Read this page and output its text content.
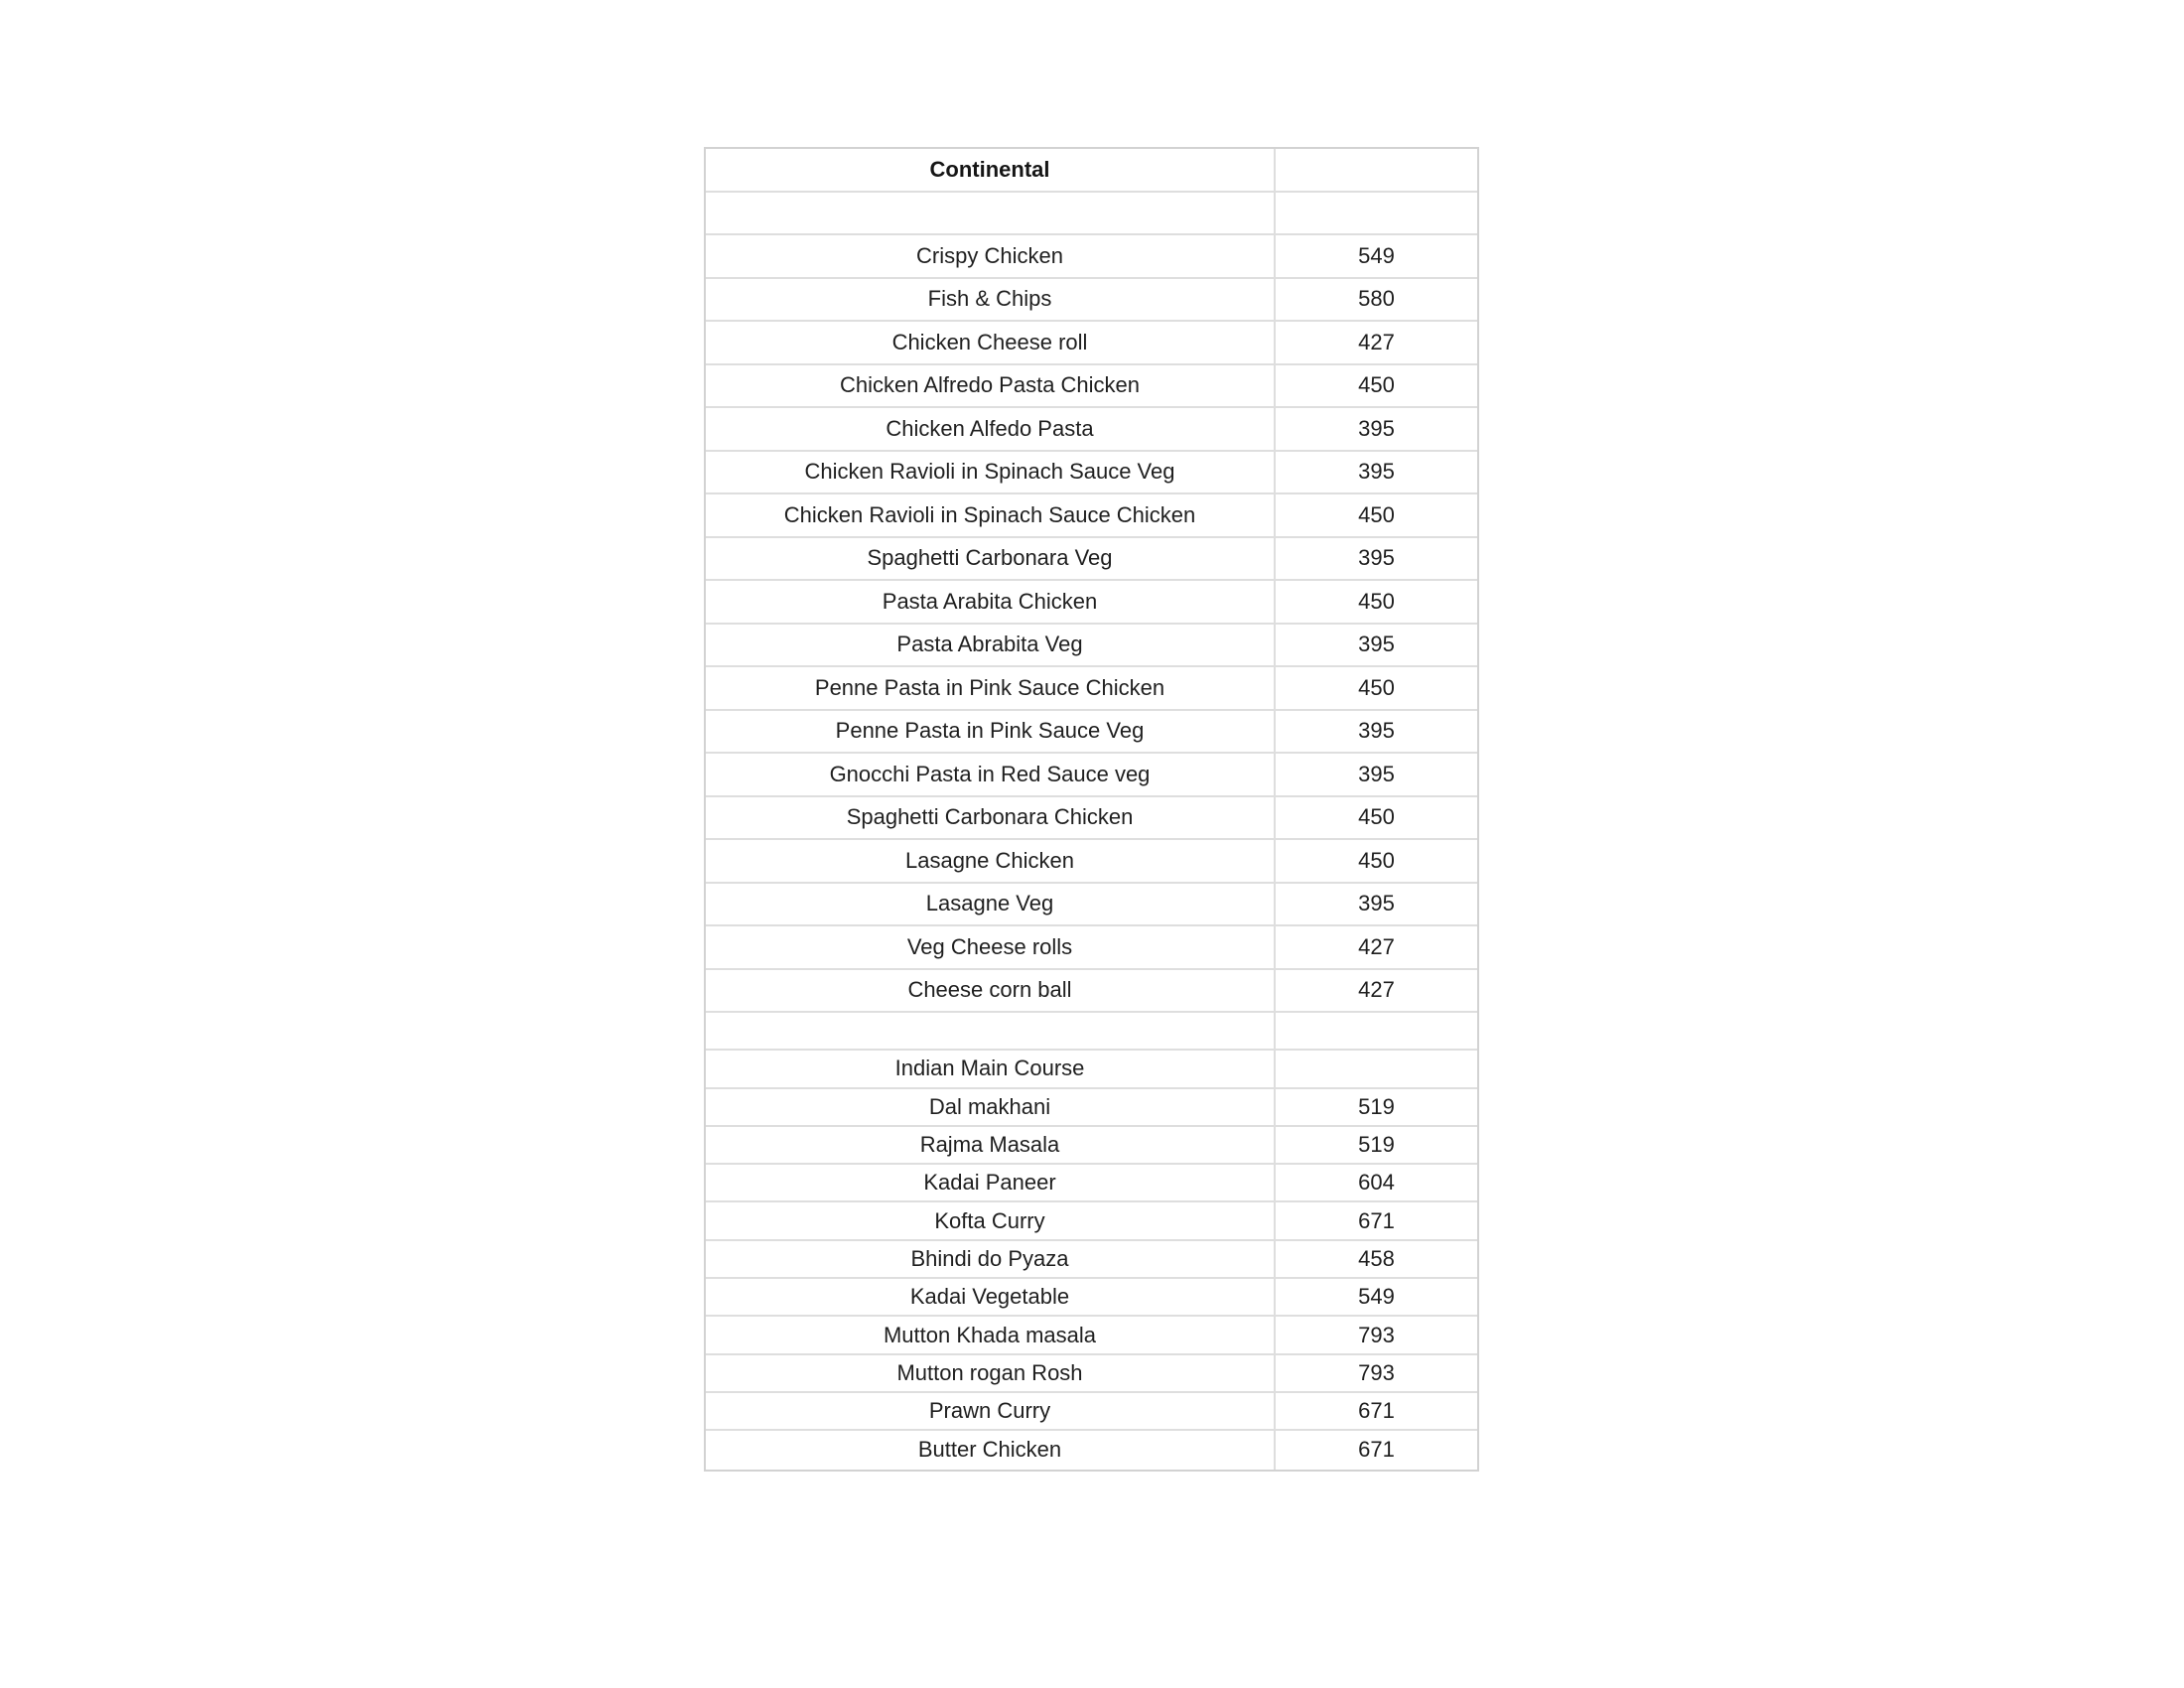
Continental
Crispy Chicken	549
Fish & Chips	580
Chicken Cheese roll	427
Chicken Alfredo Pasta Chicken	450
Chicken Alfedo Pasta	395
Chicken Ravioli in Spinach Sauce Veg	395
Chicken Ravioli in Spinach Sauce Chicken	450
Spaghetti Carbonara Veg	395
Pasta Arabita Chicken	450
Pasta Abrabita Veg	395
Penne Pasta in Pink Sauce Chicken	450
Penne Pasta in Pink Sauce Veg	395
Gnocchi Pasta in Red Sauce veg	395
Spaghetti Carbonara Chicken	450
Lasagne Chicken	450
Lasagne Veg	395
Veg Cheese rolls	427
Cheese corn ball	427
Indian Main Course
Dal makhani	519
Rajma Masala	519
Kadai Paneer	604
Kofta Curry	671
Bhindi do Pyaza	458
Kadai Vegetable	549
Mutton Khada masala	793
Mutton rogan Rosh	793
Prawn Curry	671
Butter Chicken	671
